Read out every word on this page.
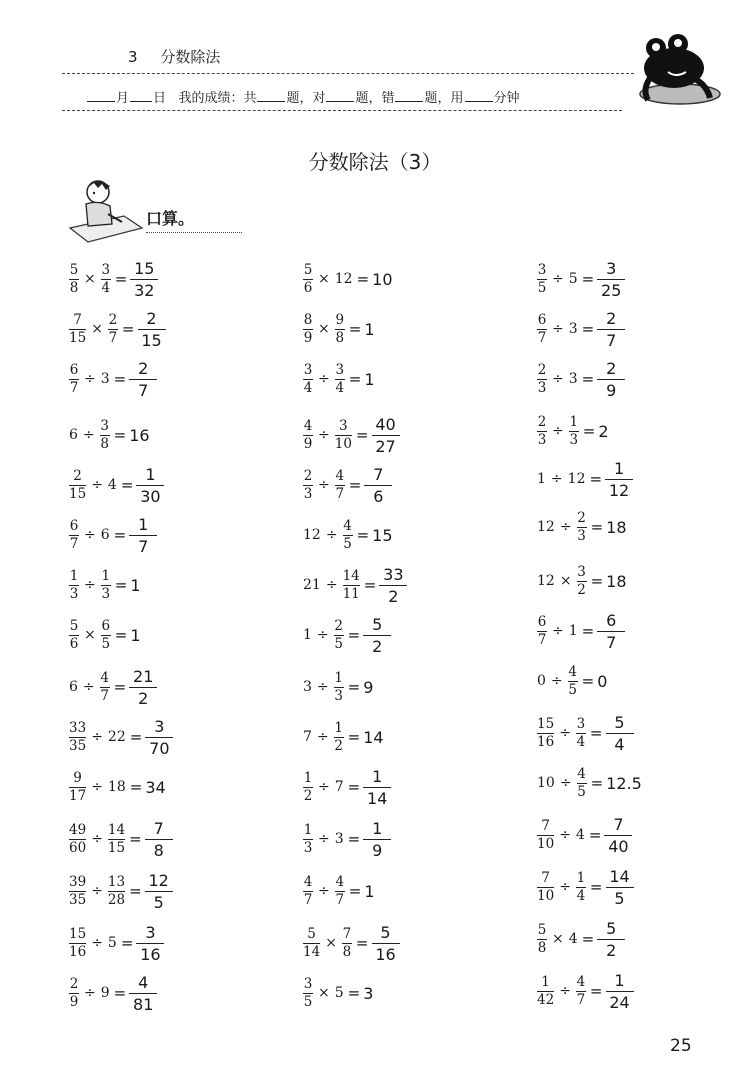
3 分数除法
月 日 我的成绩：共 题，对 题，错 题，用 分钟
分数除法（3）
口算。
$\frac{5}{8} \times \frac{3}{4}$ =
15
32
$\frac{7}{15} \times \frac{2}{7}$ =
2
15
$\frac{6}{7} \div 3$ =
2
7
$6 \div \frac{3}{8} = 16$
$\frac{2}{15} \div 4$ =
1
30
$\frac{6}{7} \div 6$ =
1
7
$\frac{1}{3} \div \frac{1}{3} = 1$
$\frac{5}{6} \times \frac{6}{5} = 1$
$6 \div \frac{4}{7}$ =
21
2
$\frac{33}{35} \div 22$ =
3
70
$\frac{9}{17} \div 18 = 34$
$\frac{49}{60} \div \frac{14}{15}$ =
7
8
$\frac{39}{35} \div \frac{13}{28}$ =
12
5
$\frac{15}{16} \div 5$ =
3
16
$\frac{2}{9} \div 9$ =
4
81
$\frac{5}{6} \times 12 = 10$
$\frac{8}{9} \times \frac{9}{8} = 1$
$\frac{3}{4} \div \frac{3}{4} = 1$
$\frac{4}{9} \div \frac{3}{10}$ =
40
27
$\frac{2}{3} \div \frac{4}{7}$ =
7
6
$12 \div \frac{4}{5} = 15$
$21 \div \frac{14}{11}$ =
33
2
$1 \div \frac{2}{5}$ =
5
2
$3 \div \frac{1}{3} = 9$
$7 \div \frac{1}{2} = 14$
$\frac{1}{2} \div 7$ =
1
14
$\frac{1}{3} \div 3$ =
1
9
$\frac{4}{7} \div \frac{4}{7} = 1$
$\frac{5}{14} \times \frac{7}{8}$ =
5
16
$\frac{3}{5} \times 5 = 3$
$\frac{3}{5} \div 5$ =
3
25
$\frac{6}{7} \div 3$ =
2
7
$\frac{2}{3} \div 3$ =
2
9
$\frac{2}{3} \div \frac{1}{3} = 2$
1 ÷ 12 =
1
12
$12 \div \frac{2}{3} = 18$
$12 \times \frac{3}{2} = 18$
$\frac{6}{7} \div 1$ =
6
7
$0 \div \frac{4}{5} = 0$
$\frac{15}{16} \div \frac{3}{4}$ =
5
4
$10 \div \frac{4}{5} = 12.5$
$\frac{7}{10} \div 4$ =
7
40
$\frac{7}{10} \div \frac{1}{4}$ =
14
5
$\frac{5}{8} \times 4$ =
5
2
$\frac{1}{42} \div \frac{4}{7}$ =
1
24
25
